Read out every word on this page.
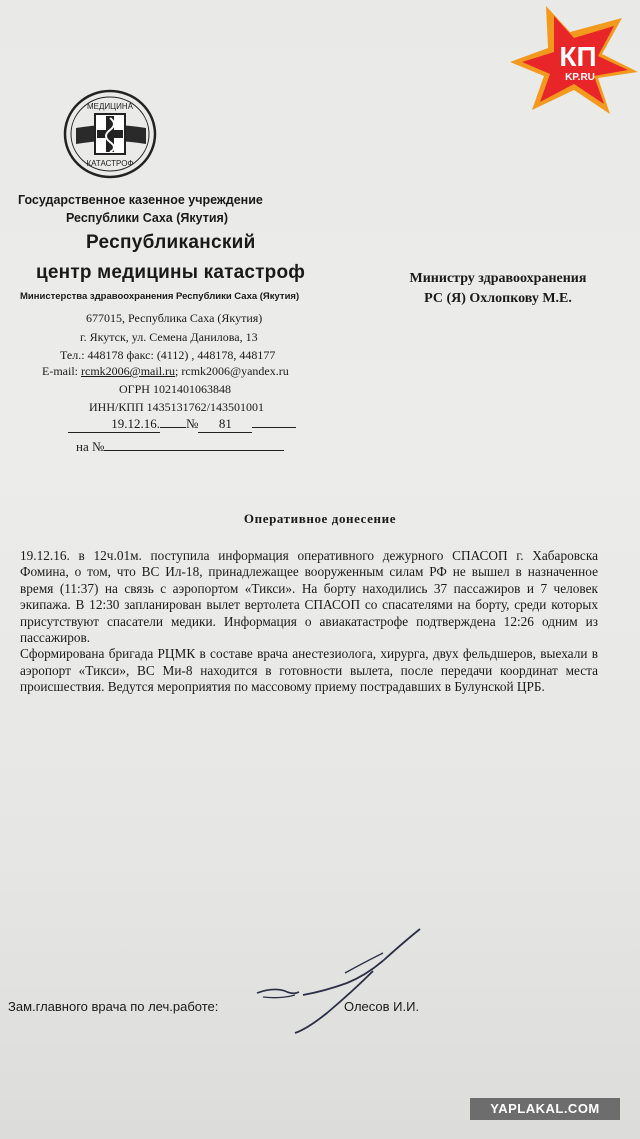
МЕДИЦИНА
КАТАСТРОФ
Государственное казенное учреждение
Республики Саха (Якутия)
Республиканский
центр медицины катастроф
Министерства здравоохранения Республики Саха (Якутия)
677015, Республика Саха (Якутия)
г. Якутск, ул. Семена Данилова, 13
Тел.: 448178 факс: (4112) , 448178, 448177
E-mail: rcmk2006@mail.ru; rcmk2006@yandex.ru
ОГРН 1021401063848
ИНН/КПП 1435131762/143501001
19.12.16. № 81
на №
Министру здравоохранения
РС (Я) Охлопкову М.Е.
Оперативное донесение

19.12.16. в 12ч.01м. поступила информация оперативного дежурного СПАСОП г. Хабаровска Фомина, о том, что ВС Ил-18, принадлежащее вооруженным силам РФ не вышел в назначенное время (11:37) на связь с аэропортом «Тикси». На борту находились 37 пассажиров и 7 человек экипажа. В 12:30 запланирован вылет вертолета СПАСОП со спасателями на борту, среди которых присутствуют спасатели медики. Информация о авиакатастрофе подтверждена 12:26 одним из пассажиров.

Сформирована бригада РЦМК в составе врача анестезиолога, хирурга, двух фельдшеров, выехали в аэропорт «Тикси», ВС Ми-8 находится в готовности вылета, после передачи координат места происшествия. Ведутся мероприятия по массовому приему пострадавших в Булунской ЦРБ.

Зам.главного врача по леч.работе:	Олесов И.И.
КП
KP.RU
YAPLAKAL.COM
